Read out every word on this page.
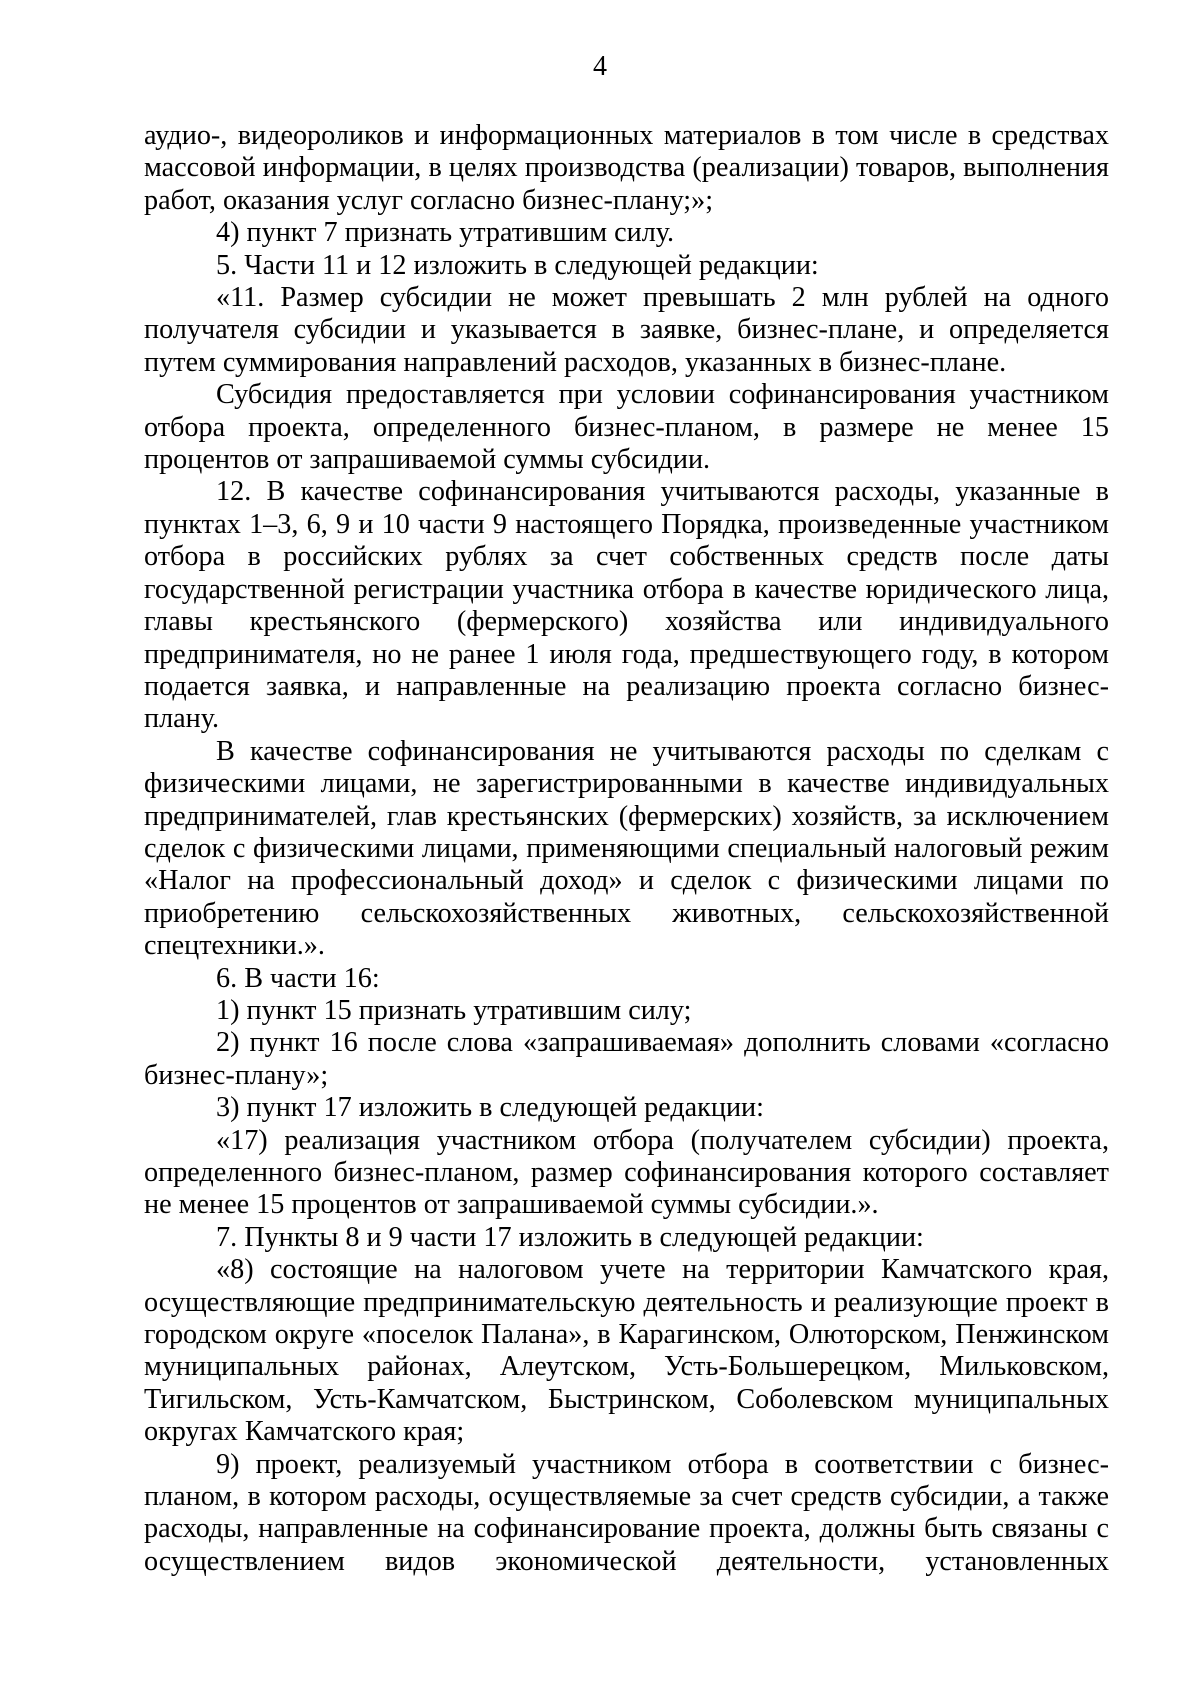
4

аудио-, видеороликов и информационных материалов в том числе в средствах массовой информации, в целях производства (реализации) товаров, выполнения работ, оказания услуг согласно бизнес-плану;»;

4) пункт 7 признать утратившим силу.

5. Части 11 и 12 изложить в следующей редакции:

«11. Размер субсидии не может превышать 2 млн рублей на одного получателя субсидии и указывается в заявке, бизнес-плане, и определяется путем суммирования направлений расходов, указанных в бизнес-плане.

Субсидия предоставляется при условии софинансирования участником отбора проекта, определенного бизнес-планом, в размере не менее 15 процентов от запрашиваемой суммы субсидии.

12. В качестве софинансирования учитываются расходы, указанные в пунктах 1–3, 6, 9 и 10 части 9 настоящего Порядка, произведенные участником отбора в российских рублях за счет собственных средств после даты государственной регистрации участника отбора в качестве юридического лица, главы крестьянского (фермерского) хозяйства или индивидуального предпринимателя, но не ранее 1 июля года, предшествующего году, в котором подается заявка, и направленные на реализацию проекта согласно бизнес-плану.

В качестве софинансирования не учитываются расходы по сделкам с физическими лицами, не зарегистрированными в качестве индивидуальных предпринимателей, глав крестьянских (фермерских) хозяйств, за исключением сделок с физическими лицами, применяющими специальный налоговый режим «Налог на профессиональный доход» и сделок с физическими лицами по приобретению сельскохозяйственных животных, сельскохозяйственной спецтехники.».

6. В части 16:

1) пункт 15 признать утратившим силу;

2) пункт 16 после слова «запрашиваемая» дополнить словами «согласно бизнес-плану»;

3) пункт 17 изложить в следующей редакции:

«17) реализация участником отбора (получателем субсидии) проекта, определенного бизнес-планом, размер софинансирования которого составляет не менее 15 процентов от запрашиваемой суммы субсидии.».

7. Пункты 8 и 9 части 17 изложить в следующей редакции:

«8) состоящие на налоговом учете на территории Камчатского края, осуществляющие предпринимательскую деятельность и реализующие проект в городском округе «поселок Палана», в Карагинском, Олюторском, Пенжинском муниципальных районах, Алеутском, Усть-Большерецком, Мильковском, Тигильском, Усть-Камчатском, Быстринском, Соболевском муниципальных округах Камчатского края;

9) проект, реализуемый участником отбора в соответствии с бизнес-планом, в котором расходы, осуществляемые за счет средств субсидии, а также расходы, направленные на софинансирование проекта, должны быть связаны с осуществлением видов экономической деятельности, установленных
